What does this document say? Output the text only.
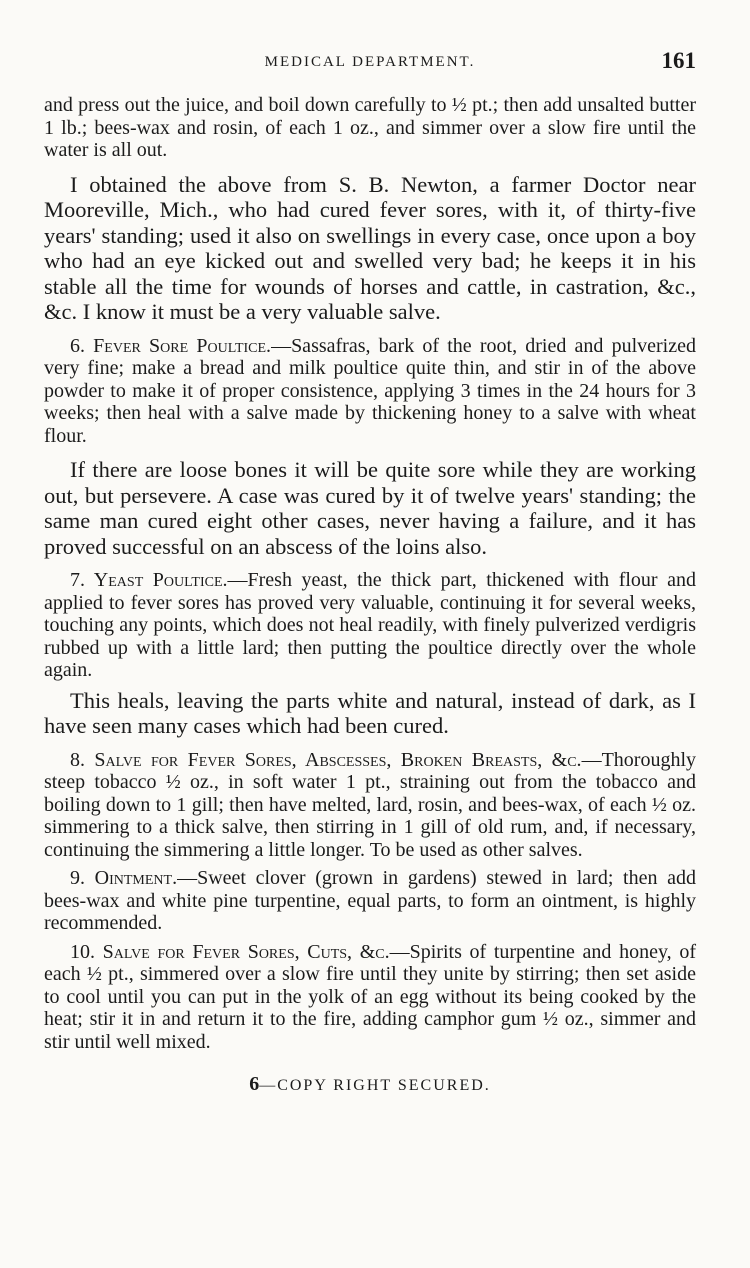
MEDICAL DEPARTMENT.	161

and press out the juice, and boil down carefully to ½ pt.; then add unsalted butter 1 lb.; bees-wax and rosin, of each 1 oz., and simmer over a slow fire until the water is all out.

I obtained the above from S. B. Newton, a farmer Doctor near Mooreville, Mich., who had cured fever sores, with it, of thirty-five years' standing; used it also on swellings in every case, once upon a boy who had an eye kicked out and swelled very bad; he keeps it in his stable all the time for wounds of horses and cattle, in castration, &c., &c. I know it must be a very valuable salve.

6. Fever Sore Poultice.—Sassafras, bark of the root, dried and pulverized very fine; make a bread and milk poultice quite thin, and stir in of the above powder to make it of proper consistence, applying 3 times in the 24 hours for 3 weeks; then heal with a salve made by thickening honey to a salve with wheat flour.

If there are loose bones it will be quite sore while they are working out, but persevere. A case was cured by it of twelve years' standing; the same man cured eight other cases, never having a failure, and it has proved successful on an abscess of the loins also.

7. Yeast Poultice.—Fresh yeast, the thick part, thickened with flour and applied to fever sores has proved very valuable, continuing it for several weeks, touching any points, which does not heal readily, with finely pulverized verdigris rubbed up with a little lard; then putting the poultice directly over the whole again.

This heals, leaving the parts white and natural, instead of dark, as I have seen many cases which had been cured.

8. Salve for Fever Sores, Abscesses, Broken Breasts, &c.—Thoroughly steep tobacco ½ oz., in soft water 1 pt., straining out from the tobacco and boiling down to 1 gill; then have melted, lard, rosin, and bees-wax, of each ½ oz. simmering to a thick salve, then stirring in 1 gill of old rum, and, if necessary, continuing the simmering a little longer. To be used as other salves.

9. Ointment.—Sweet clover (grown in gardens) stewed in lard; then add bees-wax and white pine turpentine, equal parts, to form an ointment, is highly recommended.

10. Salve for Fever Sores, Cuts, &c.—Spirits of turpentine and honey, of each ½ pt., simmered over a slow fire until they unite by stirring; then set aside to cool until you can put in the yolk of an egg without its being cooked by the heat; stir it in and return it to the fire, adding camphor gum ½ oz., simmer and stir until well mixed.

6—COPY RIGHT SECURED.
